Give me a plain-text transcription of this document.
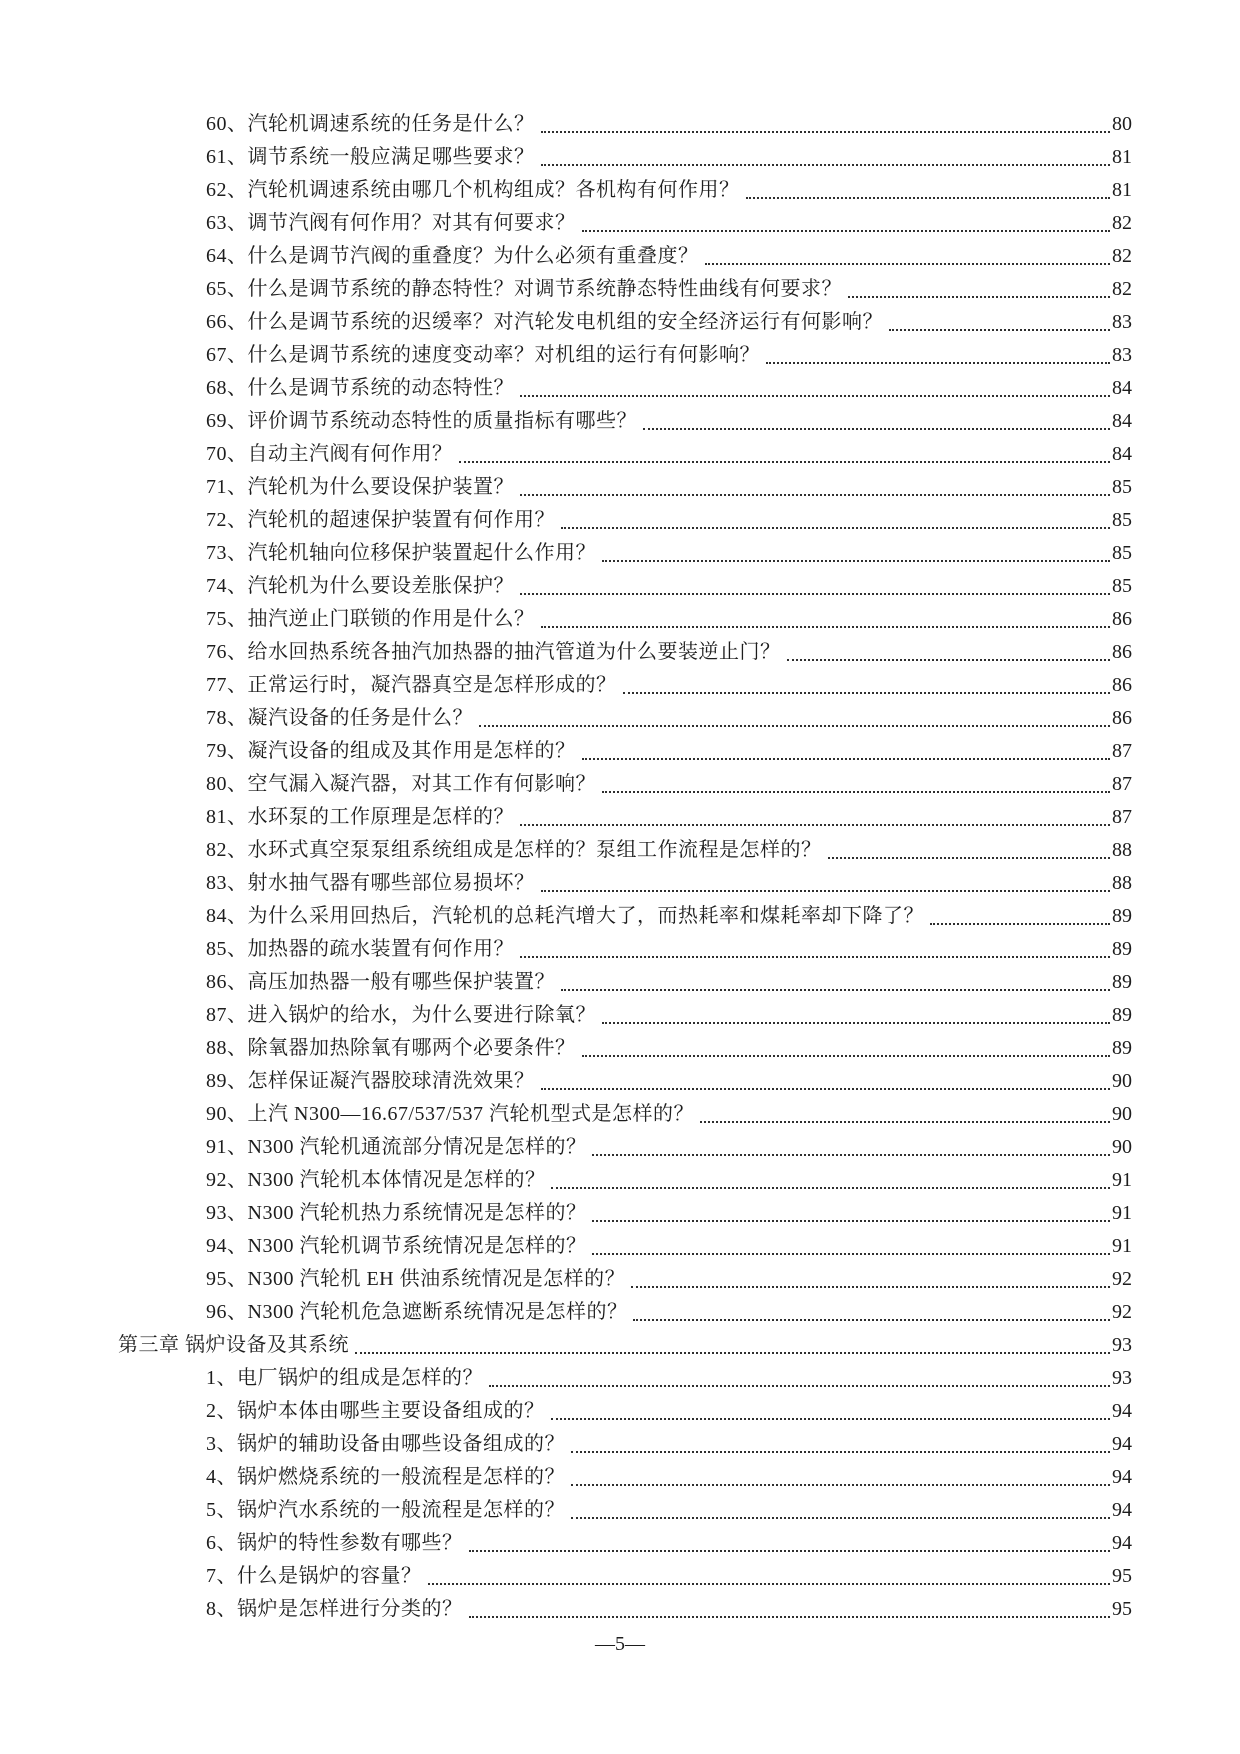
60、汽轮机调速系统的任务是什么？	80
61、调节系统一般应满足哪些要求？	81
62、汽轮机调速系统由哪几个机构组成？各机构有何作用？	81
63、调节汽阀有何作用？对其有何要求？	82
64、什么是调节汽阀的重叠度？为什么必须有重叠度？	82
65、什么是调节系统的静态特性？对调节系统静态特性曲线有何要求？	82
66、什么是调节系统的迟缓率？对汽轮发电机组的安全经济运行有何影响？	83
67、什么是调节系统的速度变动率？对机组的运行有何影响？	83
68、什么是调节系统的动态特性？	84
69、评价调节系统动态特性的质量指标有哪些？	84
70、自动主汽阀有何作用？	84
71、汽轮机为什么要设保护装置？	85
72、汽轮机的超速保护装置有何作用？	85
73、汽轮机轴向位移保护装置起什么作用？	85
74、汽轮机为什么要设差胀保护？	85
75、抽汽逆止门联锁的作用是什么？	86
76、给水回热系统各抽汽加热器的抽汽管道为什么要装逆止门？	86
77、正常运行时，凝汽器真空是怎样形成的？	86
78、凝汽设备的任务是什么？	86
79、凝汽设备的组成及其作用是怎样的？	87
80、空气漏入凝汽器，对其工作有何影响？	87
81、水环泵的工作原理是怎样的？	87
82、水环式真空泵泵组系统组成是怎样的？泵组工作流程是怎样的？	88
83、射水抽气器有哪些部位易损坏？	88
84、为什么采用回热后，汽轮机的总耗汽增大了，而热耗率和煤耗率却下降了？	89
85、加热器的疏水装置有何作用？	89
86、高压加热器一般有哪些保护装置？	89
87、进入锅炉的给水，为什么要进行除氧？	89
88、除氧器加热除氧有哪两个必要条件？	89
89、怎样保证凝汽器胶球清洗效果？	90
90、上汽 N300—16.67/537/537 汽轮机型式是怎样的？	90
91、N300 汽轮机通流部分情况是怎样的？	90
92、N300 汽轮机本体情况是怎样的？	91
93、N300 汽轮机热力系统情况是怎样的？	91
94、N300 汽轮机调节系统情况是怎样的？	91
95、N300 汽轮机 EH 供油系统情况是怎样的？	92
96、N300 汽轮机危急遮断系统情况是怎样的？	92
第三章 锅炉设备及其系统	93
1、电厂锅炉的组成是怎样的？	93
2、锅炉本体由哪些主要设备组成的？	94
3、锅炉的辅助设备由哪些设备组成的？	94
4、锅炉燃烧系统的一般流程是怎样的？	94
5、锅炉汽水系统的一般流程是怎样的？	94
6、锅炉的特性参数有哪些？	94
7、什么是锅炉的容量？	95
8、锅炉是怎样进行分类的？	95
—5—
